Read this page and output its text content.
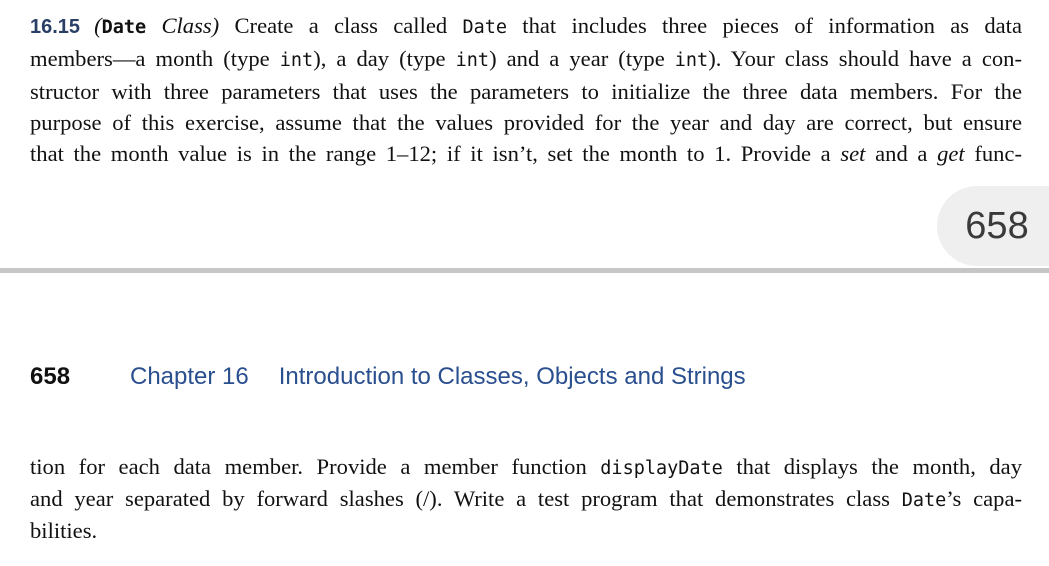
16.15 (Date Class) Create a class called Date that includes three pieces of information as data
members—a month (type int), a day (type int) and a year (type int). Your class should have a con-
structor with three parameters that uses the parameters to initialize the three data members. For the
purpose of this exercise, assume that the values provided for the year and day are correct, but ensure
that the month value is in the range 1–12; if it isn’t, set the month to 1. Provide a set and a get func-
658
658 Chapter 16 Introduction to Classes, Objects and Strings
tion for each data member. Provide a member function displayDate that displays the month, day
and year separated by forward slashes (/). Write a test program that demonstrates class Date’s capa-
bilities.
